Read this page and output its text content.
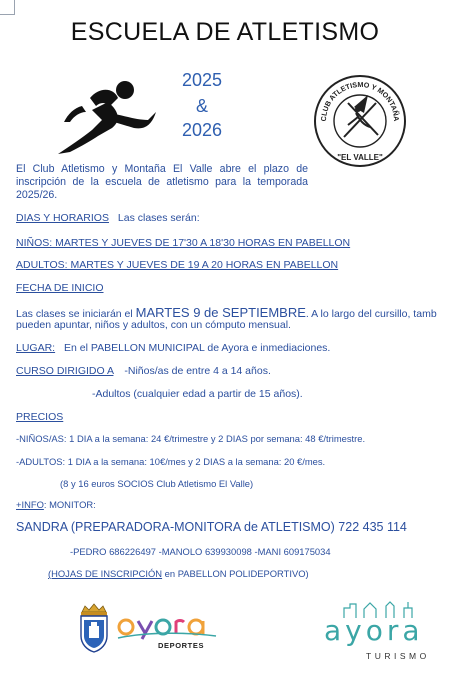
ESCUELA DE ATLETISMO
2025
&
2026
CLUB ATLETISMO Y MONTAÑA
"EL VALLE"
El Club Atletismo y Montaña El Valle abre el plazo de inscripción de la escuela de atletismo para la temporada 2025/26.
DIAS Y HORARIOS Las clases serán:
NIÑOS: MARTES Y JUEVES DE 17'30 A 18'30 HORAS EN PABELLON
ADULTOS: MARTES Y JUEVES DE 19 A 20 HORAS EN PABELLON
FECHA DE INICIO
Las clases se iniciarán el MARTES 9 de SEPTIEMBRE. A lo largo del cursillo, tamb
pueden apuntar, niños y adultos, con un cómputo mensual.
LUGAR: En el PABELLON MUNICIPAL de Ayora e inmediaciones.
CURSO DIRIGIDO A -Niños/as de entre 4 a 14 años.
-Adultos (cualquier edad a partir de 15 años).
PRECIOS
-NIÑOS/AS: 1 DIA a la semana: 24 €/trimestre y 2 DIAS por semana: 48 €/trimestre.
-ADULTOS: 1 DIA a la semana: 10€/mes y 2 DIAS a la semana: 20 €/mes.
(8 y 16 euros SOCIOS Club Atletismo El Valle)
+INFO: MONITOR:
SANDRA (PREPARADORA-MONITORA de ATLETISMO) 722 435 114
-PEDRO 686226497 -MANOLO 639930098 -MANI 609175034
(HOJAS DE INSCRIPCIÓN en PABELLON POLIDEPORTIVO)
DEPORTES	ayora
TURISMO
